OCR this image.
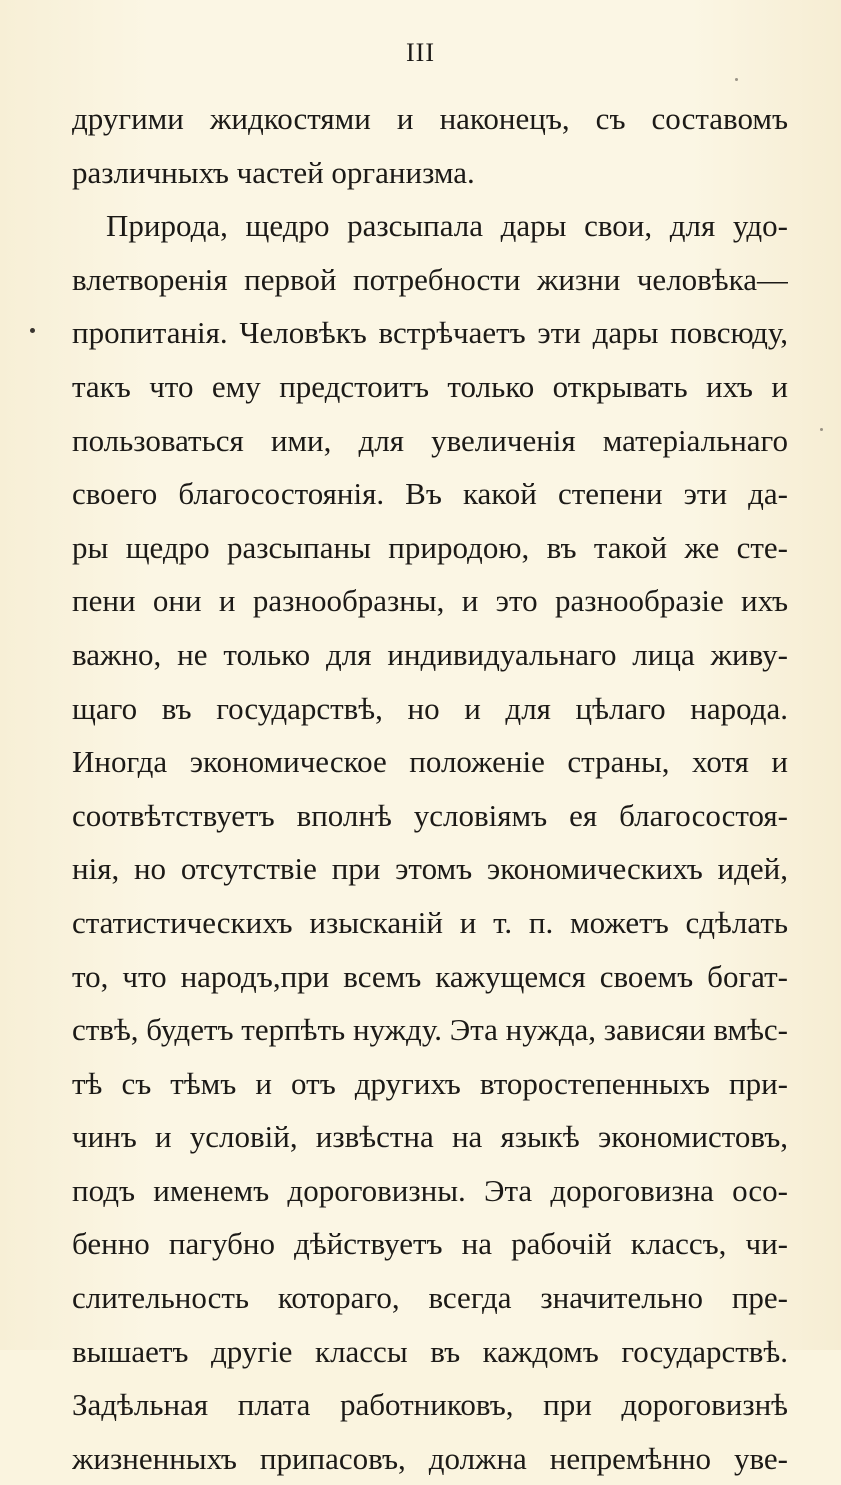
III
другими жидкостями и наконецъ, съ составомъ
различныхъ частей организма.
Природа, щедро разсыпала дары свои, для удо-
влетворенія первой потребности жизни человѣка—
пропитанія. Человѣкъ встрѣчаетъ эти дары повсюду,
такъ что ему предстоитъ только открывать ихъ и
пользоваться ими, для увеличенія матеріальнаго
своего благосостоянія. Въ какой степени эти да-
ры щедро разсыпаны природою, въ такой же сте-
пени они и разнообразны, и это разнообразіе ихъ
важно, не только для индивидуальнаго лица живу-
щаго въ государствѣ, но и для цѣлаго народа.
Иногда экономическое положеніе страны, хотя и
соотвѣтствуетъ вполнѣ условіямъ ея благосостоя-
нія, но отсутствіе при этомъ экономическихъ идей,
статистическихъ изысканій и т. п. можетъ сдѣлать
то, что народъ,при всемъ кажущемся своемъ богат-
ствѣ, будетъ терпѣть нужду. Эта нужда, зависяи вмѣс-
тѣ съ тѣмъ и отъ другихъ второстепенныхъ при-
чинъ и условій, извѣстна на языкѣ экономистовъ,
подъ именемъ дороговизны. Эта дороговизна осо-
бенно пагубно дѣйствуетъ на рабочій классъ, чи-
слительность котораго, всегда значительно пре-
вышаетъ другіе классы въ каждомъ государствѣ.
Задѣльная плата работниковъ, при дороговизнѣ
жизненныхъ припасовъ, должна непремѣнно уве-
